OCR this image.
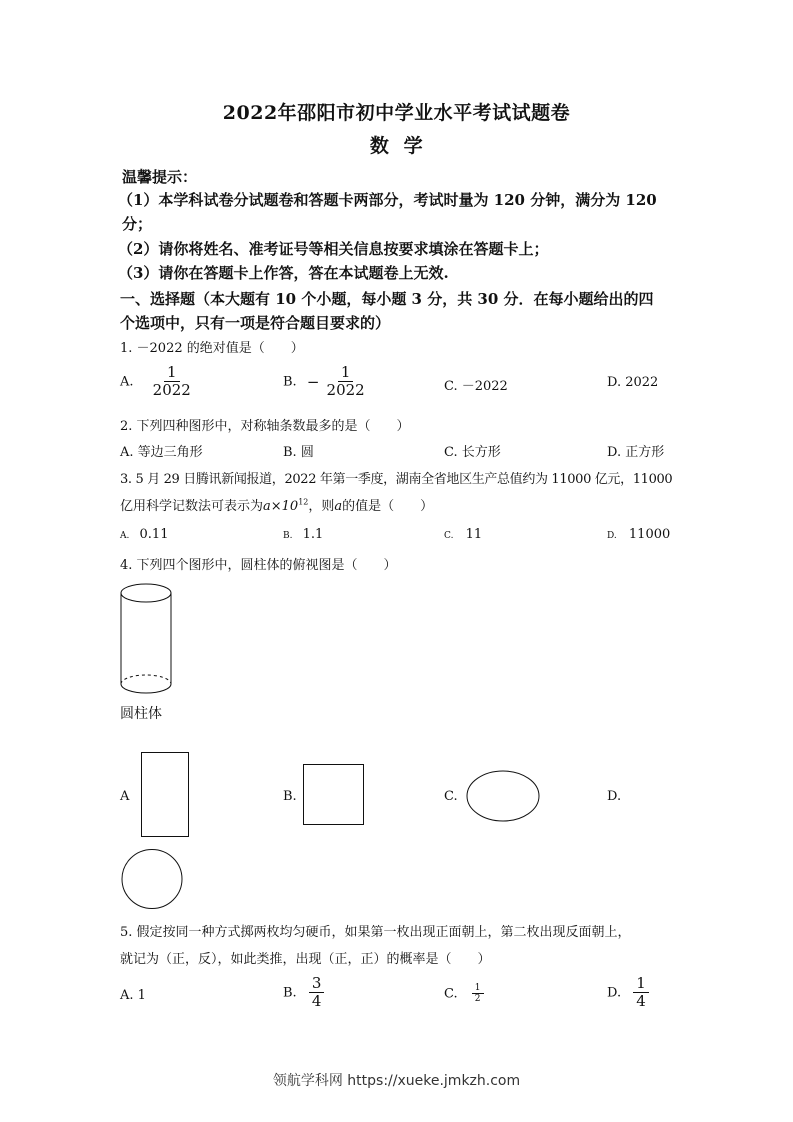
2022年邵阳市初中学业水平考试试题卷
数  学
温馨提示：
（1）本学科试卷分试题卷和答题卡两部分，考试时量为 120 分钟，满分为 120
分；
（2）请你将姓名、准考证号等相关信息按要求填涂在答题卡上；
（3）请你在答题卡上作答，答在本试题卷上无效.
一、选择题（本大题有 10 个小题，每小题 3 分，共 30 分．在每小题给出的四
个选项中，只有一项是符合题目要求的）
1. －2022 的绝对值是（　　）
A. $\frac{1}{2022}$	B. − $\frac{1}{2022}$	C. －2022	D. 2022
2. 下列四种图形中，对称轴条数最多的是（　　）
A. 等边三角形	B. 圆	C. 长方形	D. 正方形
3. 5 月 29 日腾讯新闻报道，2022 年第一季度，湖南全省地区生产总值约为 11000 亿元，11000
亿用科学记数法可表示为$a\times 10^{12}$，则a的值是（　　）
A. 0.11	B. 1.1	C. 11	D. 11000
4. 下列四个图形中，圆柱体的俯视图是（　　）
圆柱体
A	B.	C.	D.
5. 假定按同一种方式掷两枚均匀硬币，如果第一枚出现正面朝上，第二枚出现反面朝上，
就记为（正，反），如此类推，出现（正，正）的概率是（　　）
A. 1	B. $\frac{3}{4}$	C. $\frac{1}{2}$	D. $\frac{1}{4}$
领航学科网 https://xueke.jmkzh.com
